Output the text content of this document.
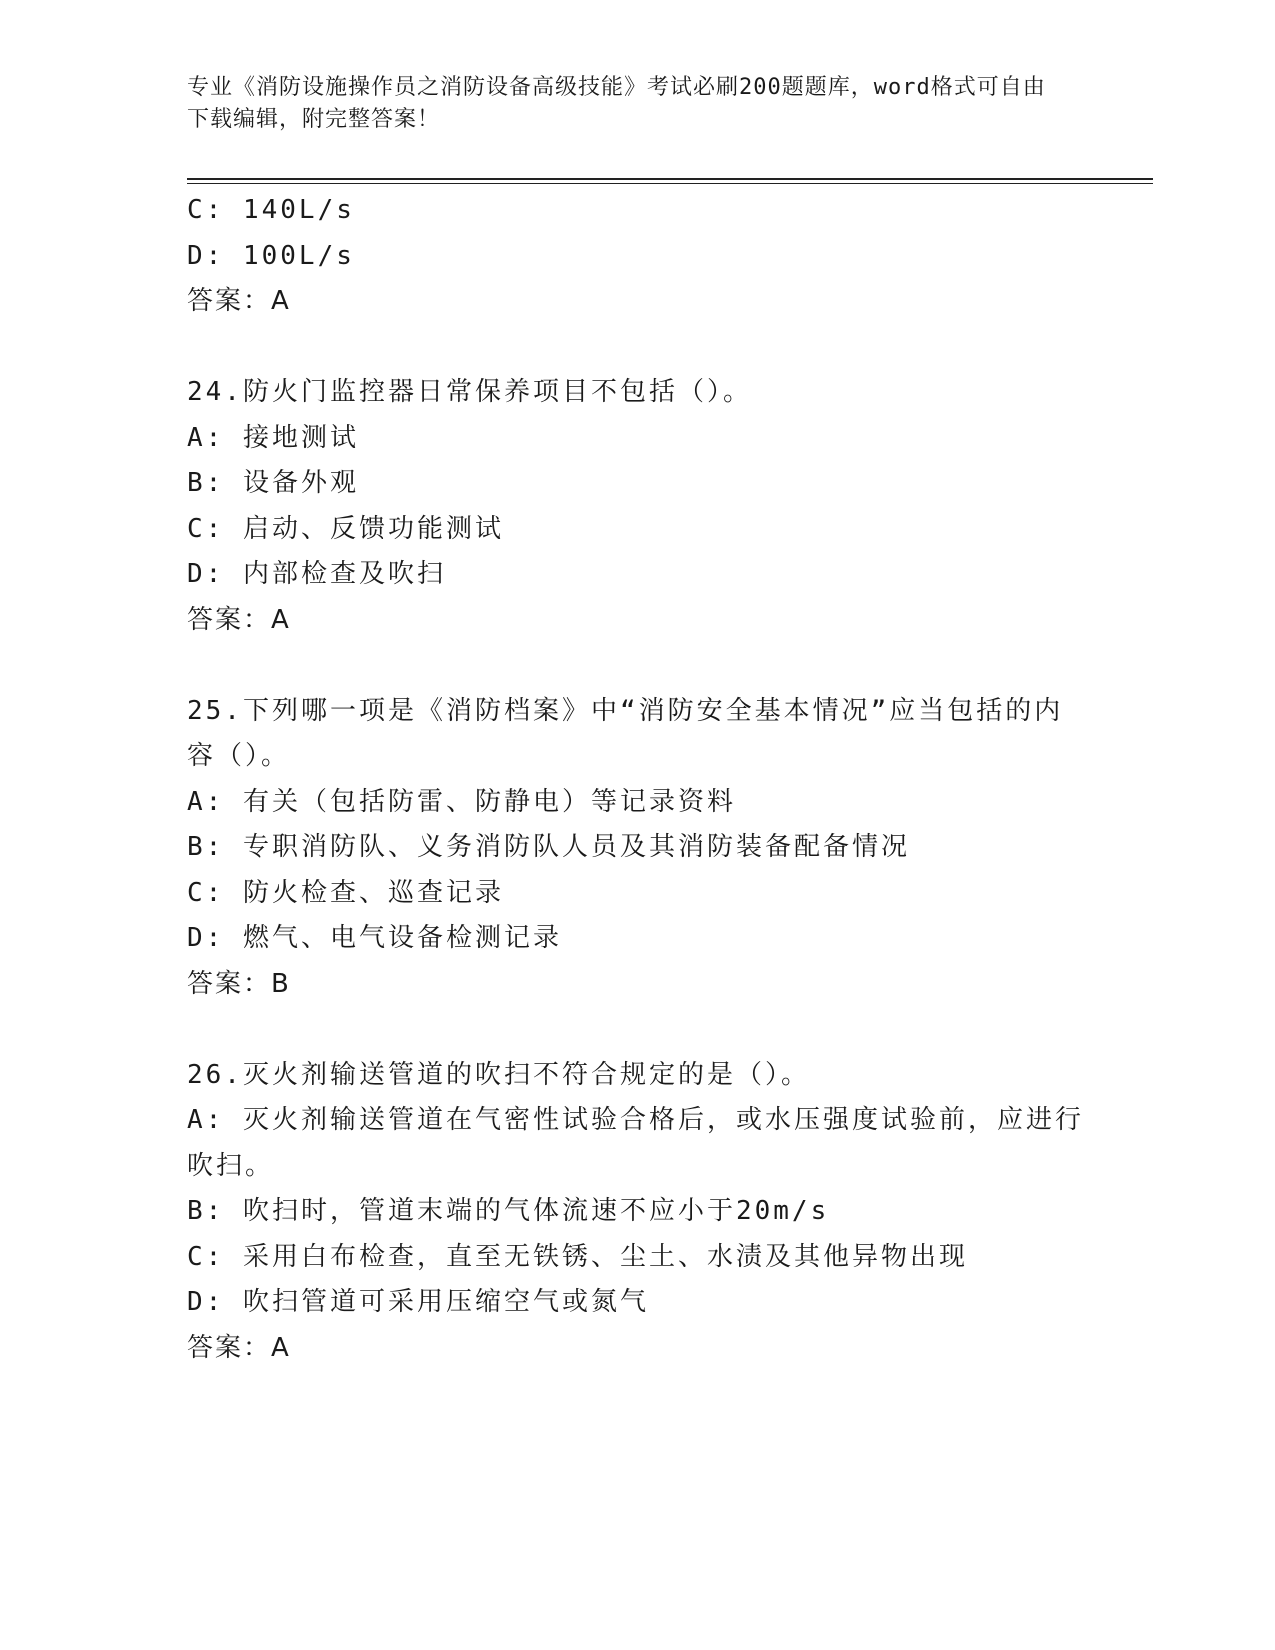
专业《消防设施操作员之消防设备高级技能》考试必刷200题题库，word格式可自由下载编辑，附完整答案！
C: 140L/s
D: 100L/s
答案：A
24.防火门监控器日常保养项目不包括（）。
A: 接地测试
B: 设备外观
C: 启动、反馈功能测试
D: 内部检查及吹扫
答案：A
25.下列哪一项是《消防档案》中“消防安全基本情况”应当包括的内容（）。
A: 有关（包括防雷、防静电）等记录资料
B: 专职消防队、义务消防队人员及其消防装备配备情况
C: 防火检查、巡查记录
D: 燃气、电气设备检测记录
答案：B
26.灭火剂输送管道的吹扫不符合规定的是（）。
A: 灭火剂输送管道在气密性试验合格后，或水压强度试验前，应进行吹扫。
B: 吹扫时，管道末端的气体流速不应小于20m/s
C: 采用白布检查，直至无铁锈、尘土、水渍及其他异物出现
D: 吹扫管道可采用压缩空气或氮气
答案：A
